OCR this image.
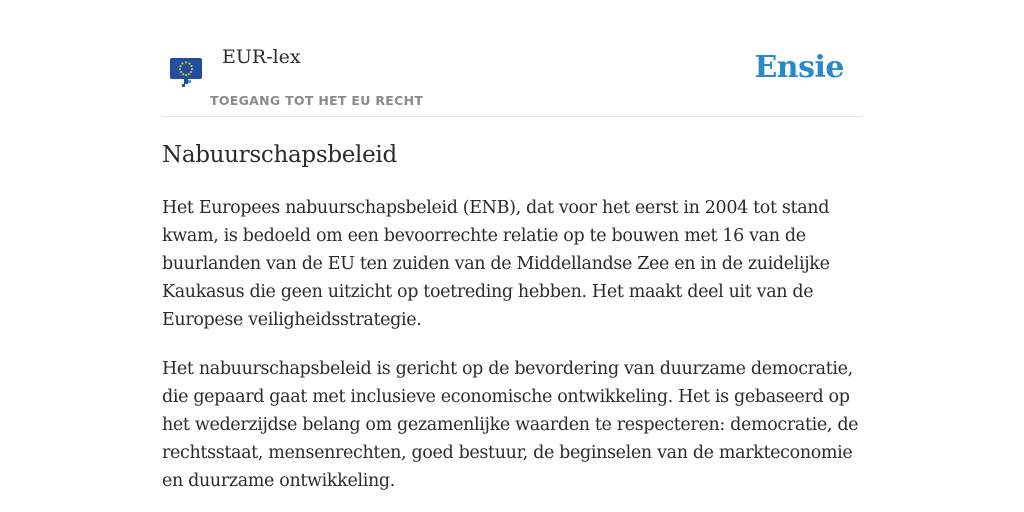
EUR-lex
TOEGANG TOT HET EU RECHT
Ensie
Nabuurschapsbeleid

Het Europees nabuurschapsbeleid (ENB), dat voor het eerst in 2004 tot stand kwam, is bedoeld om een bevoorrechte relatie op te bouwen met 16 van de buurlanden van de EU ten zuiden van de Middellandse Zee en in de zuidelijke Kaukasus die geen uitzicht op toetreding hebben. Het maakt deel uit van de Europese veiligheidsstrategie.

Het nabuurschapsbeleid is gericht op de bevordering van duurzame democratie, die gepaard gaat met inclusieve economische ontwikkeling. Het is gebaseerd op het wederzijdse belang om gezamenlijke waarden te respecteren: democratie, de rechtsstaat, mensenrechten, goed bestuur, de beginselen van de markteconomie en duurzame ontwikkeling.
